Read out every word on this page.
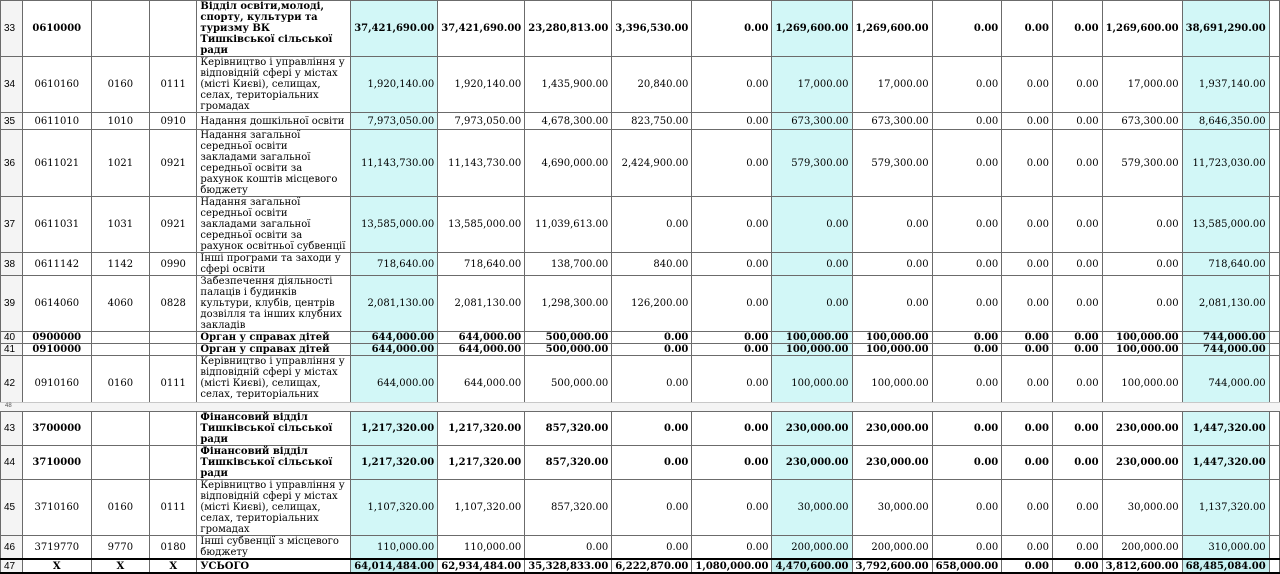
33	0610000			Відділ освіти,молоді, спорту, культури та туризму ВК Тишківської сільської ради	37,421,690.00	37,421,690.00	23,280,813.00	3,396,530.00	0.00	1,269,600.00	1,269,600.00	0.00	0.00	0.00	1,269,600.00	38,691,290.00	
34	0610160	0160	0111	Керівництво і управління у відповідній сфері у містах (місті Києві), селищах, селах, територіальних громадах	1,920,140.00	1,920,140.00	1,435,900.00	20,840.00	0.00	17,000.00	17,000.00	0.00	0.00	0.00	17,000.00	1,937,140.00	
35	0611010	1010	0910	Надання дошкільної освіти	7,973,050.00	7,973,050.00	4,678,300.00	823,750.00	0.00	673,300.00	673,300.00	0.00	0.00	0.00	673,300.00	8,646,350.00	
36	0611021	1021	0921	Надання загальної середньої освіти закладами загальної середньої освіти за рахунок коштів місцевого бюджету	11,143,730.00	11,143,730.00	4,690,000.00	2,424,900.00	0.00	579,300.00	579,300.00	0.00	0.00	0.00	579,300.00	11,723,030.00	
37	0611031	1031	0921	Надання загальної середньої освіти закладами загальної середньої освіти за рахунок освітньої субвенції	13,585,000.00	13,585,000.00	11,039,613.00	0.00	0.00	0.00	0.00	0.00	0.00	0.00	0.00	13,585,000.00	
38	0611142	1142	0990	Інші програми та заходи у сфері освіти	718,640.00	718,640.00	138,700.00	840.00	0.00	0.00	0.00	0.00	0.00	0.00	0.00	718,640.00	
39	0614060	4060	0828	Забезпечення діяльності палаців і будинків культури, клубів, центрів дозвілля та інших клубних закладів	2,081,130.00	2,081,130.00	1,298,300.00	126,200.00	0.00	0.00	0.00	0.00	0.00	0.00	0.00	2,081,130.00	
40	0900000			Орган у справах дітей	644,000.00	644,000.00	500,000.00	0.00	0.00	100,000.00	100,000.00	0.00	0.00	0.00	100,000.00	744,000.00	
41	0910000			Орган у справах дітей	644,000.00	644,000.00	500,000.00	0.00	0.00	100,000.00	100,000.00	0.00	0.00	0.00	100,000.00	744,000.00	
42	0910160	0160	0111	Керівництво і управління у відповідній сфері у містах (місті Києві), селищах, селах, територіальних	644,000.00	644,000.00	500,000.00	0.00	0.00	100,000.00	100,000.00	0.00	0.00	0.00	100,000.00	744,000.00	
43	3700000			Фінансовий відділ Тишківської сільської ради	1,217,320.00	1,217,320.00	857,320.00	0.00	0.00	230,000.00	230,000.00	0.00	0.00	0.00	230,000.00	1,447,320.00	
44	3710000			Фінансовий відділ Тишківської сільської ради	1,217,320.00	1,217,320.00	857,320.00	0.00	0.00	230,000.00	230,000.00	0.00	0.00	0.00	230,000.00	1,447,320.00	
45	3710160	0160	0111	Керівництво і управління у відповідній сфері у містах (місті Києві), селищах, селах, територіальних громадах	1,107,320.00	1,107,320.00	857,320.00	0.00	0.00	30,000.00	30,000.00	0.00	0.00	0.00	30,000.00	1,137,320.00	
46	3719770	9770	0180	Інші субвенції з місцевого бюджету	110,000.00	110,000.00	0.00	0.00	0.00	200,000.00	200,000.00	0.00	0.00	0.00	200,000.00	310,000.00	
47	X	X	X	УСЬОГО	64,014,484.00	62,934,484.00	35,328,833.00	6,222,870.00	1,080,000.00	4,470,600.00	3,792,600.00	658,000.00	0.00	0.00	3,812,600.00	68,485,084.00	
48
